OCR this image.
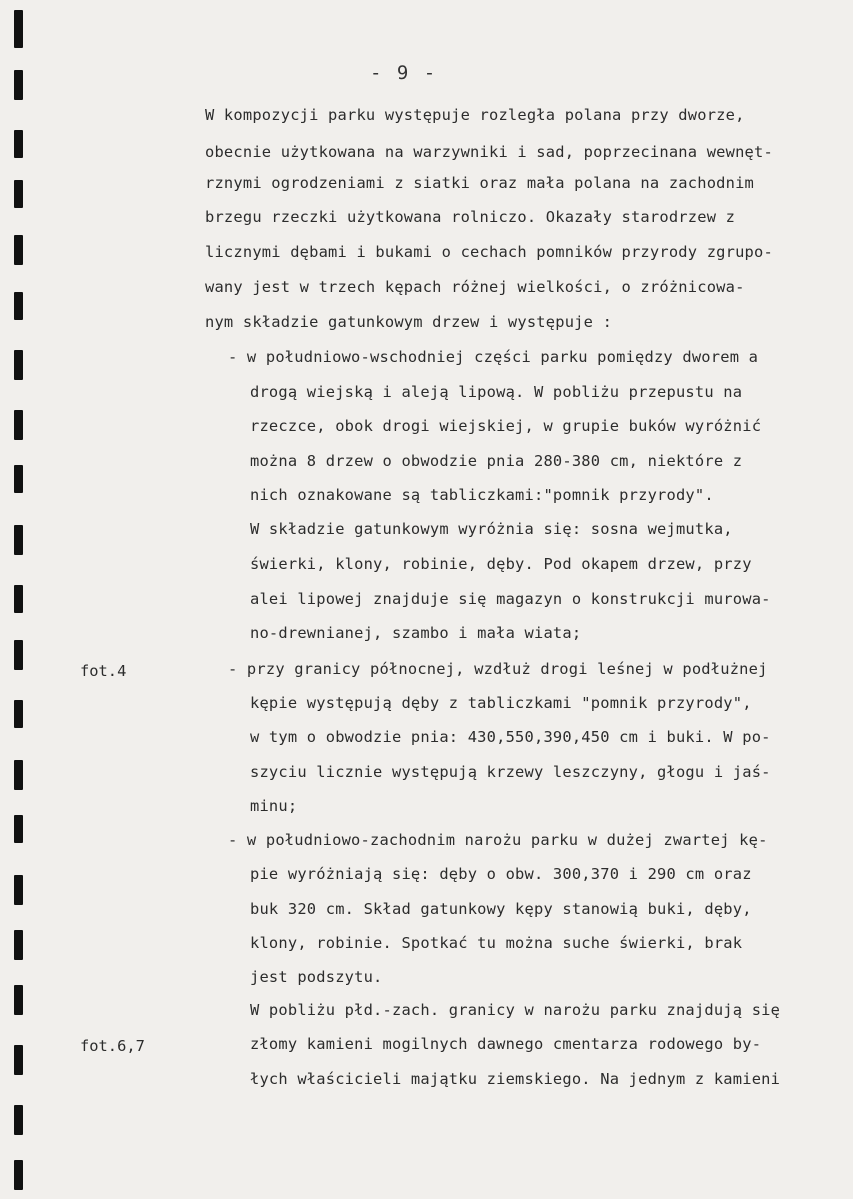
- 9 -
fot.4
fot.6,7
W kompozycji parku występuje rozległa polana przy dworze,
obecnie użytkowana na warzywniki i sad, poprzecinana wewnęt-
rznymi ogrodzeniami z siatki oraz mała polana na zachodnim
brzegu rzeczki użytkowana rolniczo. Okazały starodrzew z
licznymi dębami i bukami o cechach pomników przyrody zgrupo-
wany jest w trzech kępach różnej wielkości, o zróżnicowa-
nym składzie gatunkowym drzew i występuje :
- w południowo-wschodniej części parku pomiędzy dworem a
drogą wiejską i aleją lipową. W pobliżu przepustu na
rzeczce, obok drogi wiejskiej, w grupie buków wyróżnić
można 8 drzew o obwodzie pnia 280-380 cm, niektóre z
nich oznakowane są tabliczkami:"pomnik przyrody".
W składzie gatunkowym wyróżnia się: sosna wejmutka,
świerki, klony, robinie, dęby. Pod okapem drzew, przy
alei lipowej znajduje się magazyn o konstrukcji murowa-
no-drewnianej, szambo i mała wiata;
- przy granicy północnej, wzdłuż drogi leśnej w podłużnej
kępie występują dęby z tabliczkami "pomnik przyrody",
w tym o obwodzie pnia: 430,550,390,450 cm i buki. W po-
szyciu licznie występują krzewy leszczyny, głogu i jaś-
minu;
- w południowo-zachodnim narożu parku w dużej zwartej kę-
pie wyróżniają się: dęby o obw. 300,370 i 290 cm oraz
buk 320 cm. Skład gatunkowy kępy stanowią buki, dęby,
klony, robinie. Spotkać tu można suche świerki, brak
jest podszytu.
W pobliżu płd.-zach. granicy w narożu parku znajdują się
złomy kamieni mogilnych dawnego cmentarza rodowego by-
łych właścicieli majątku ziemskiego. Na jednym z kamieni
